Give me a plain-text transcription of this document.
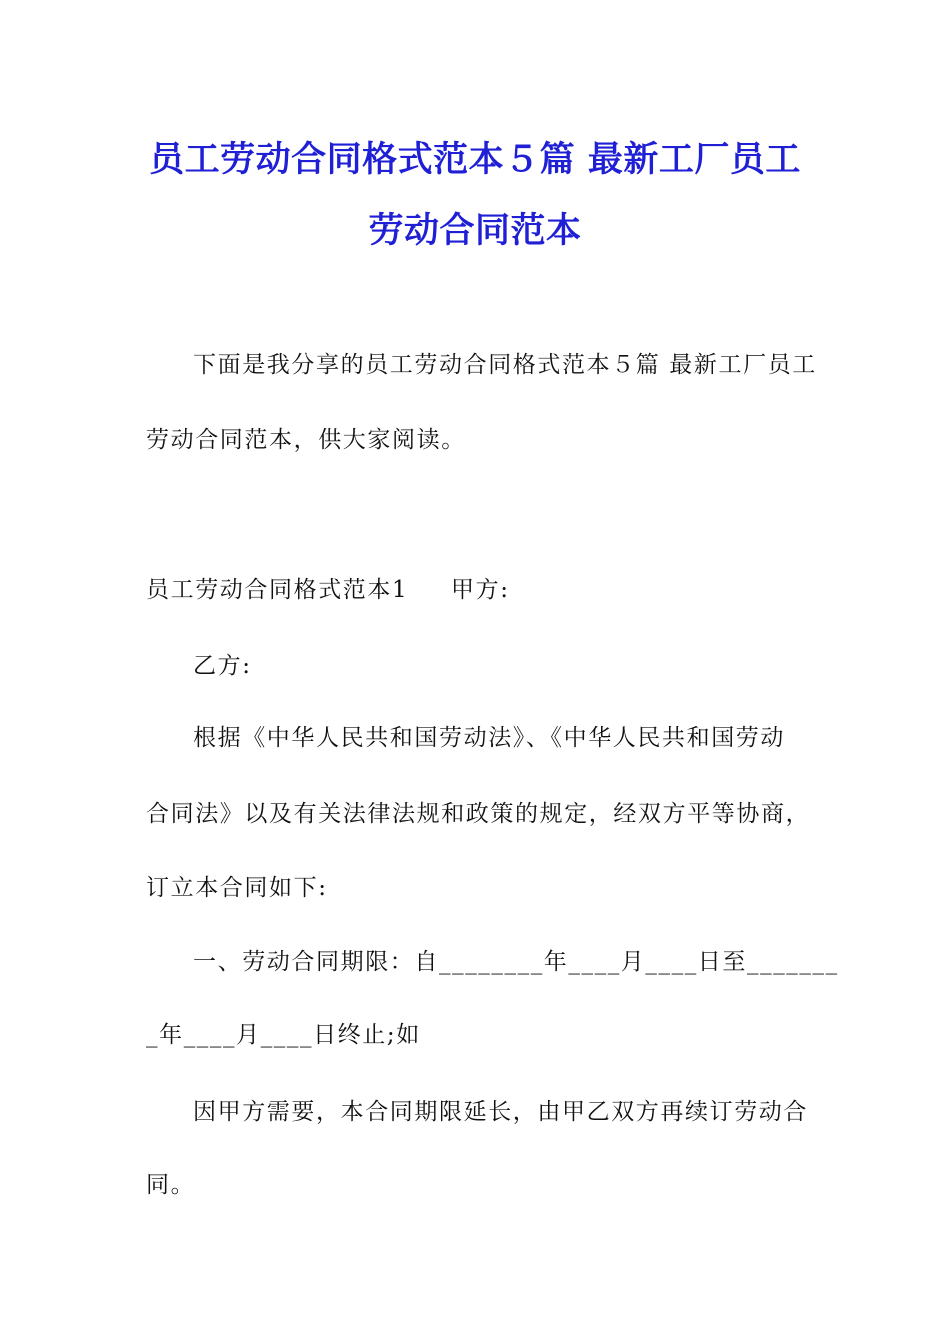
员工劳动合同格式范本５篇 最新工厂员工
劳动合同范本
下面是我分享的员工劳动合同格式范本５篇 最新工厂员工
劳动合同范本，供大家阅读。
员工劳动合同格式范本1 甲方:
乙方:
根据《中华人民共和国劳动法》、《中华人民共和国劳动
合同法》以及有关法律法规和政策的规定，经双方平等协商，
订立本合同如下:
一、劳动合同期限：自________年____月____日至_______
_年____月____日终止;如
因甲方需要，本合同期限延长，由甲乙双方再续订劳动合
同。
